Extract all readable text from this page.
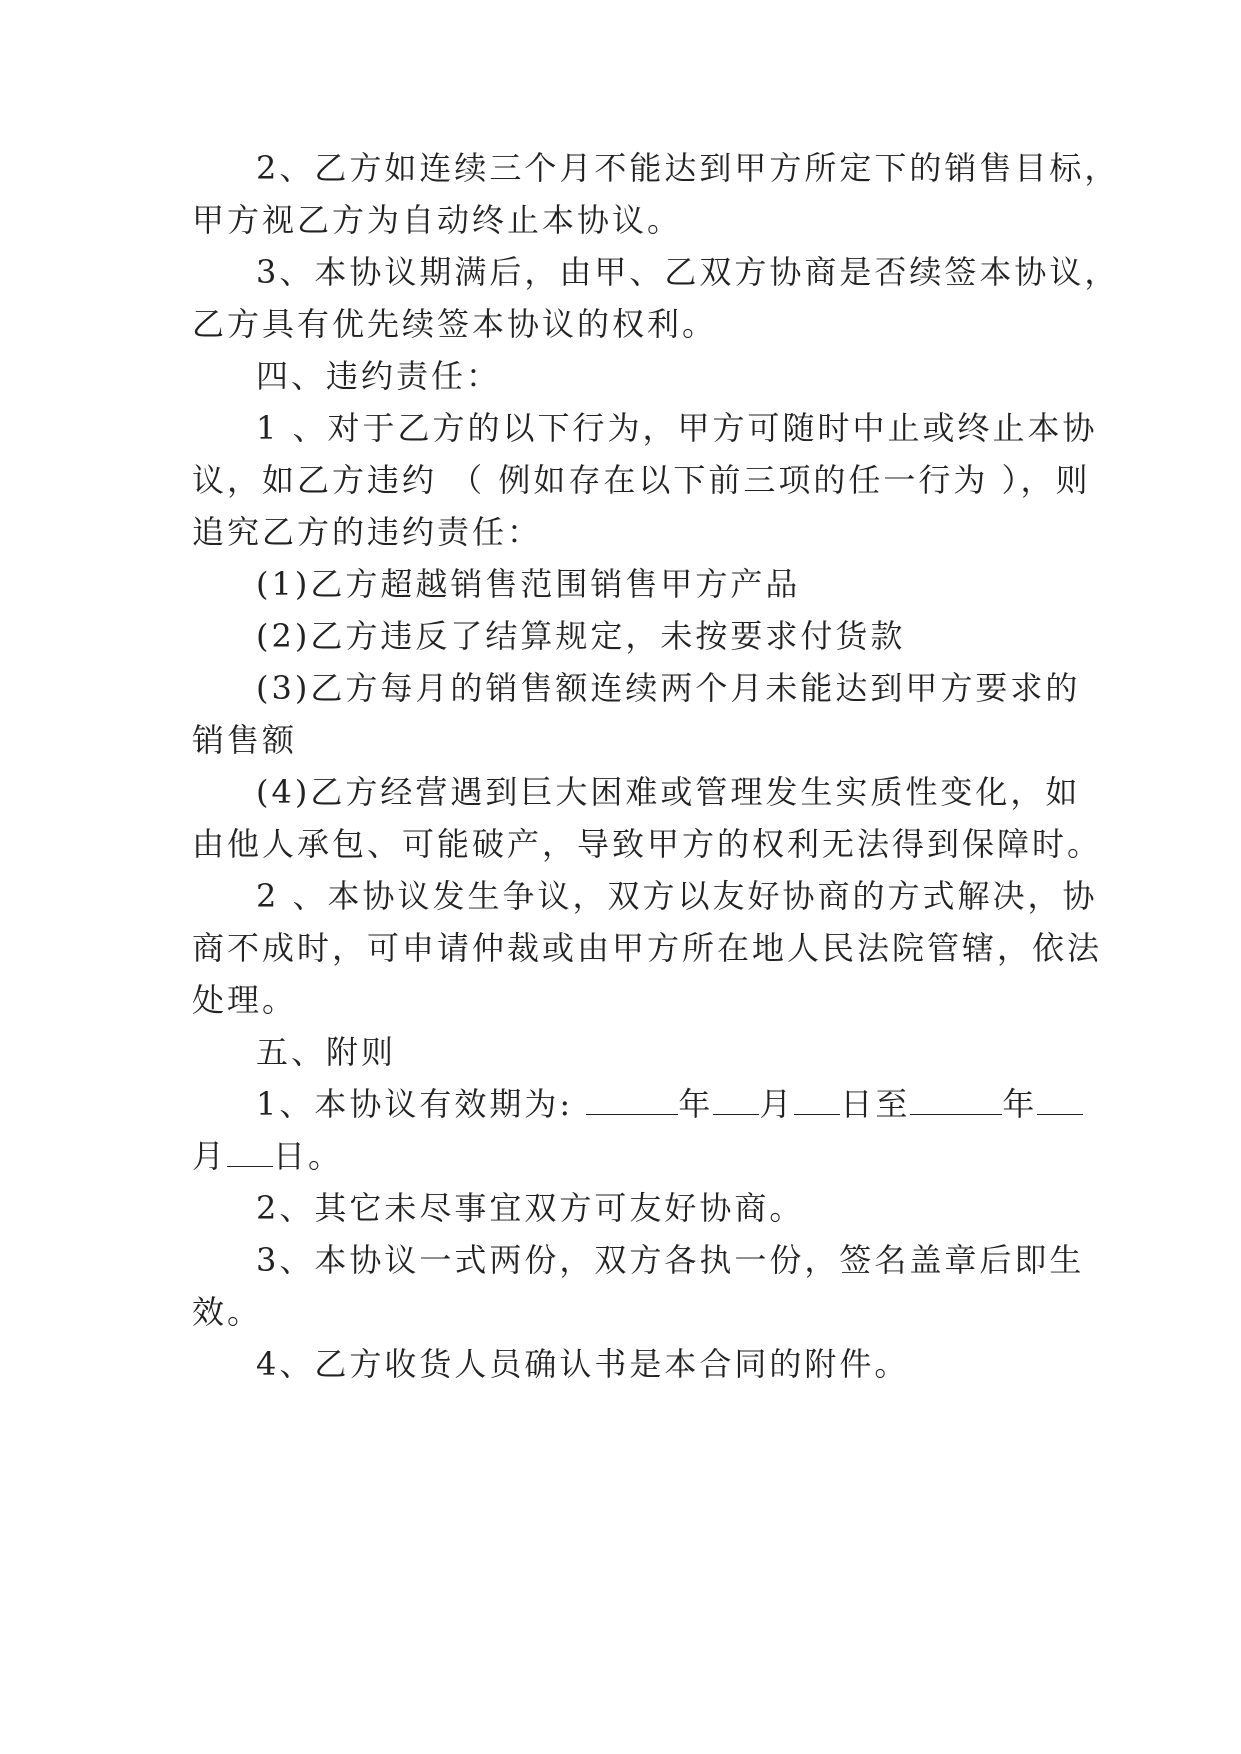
2、乙方如连续三个月不能达到甲方所定下的销售目标，
甲方视乙方为自动终止本协议。
3、本协议期满后，由甲、乙双方协商是否续签本协议，
乙方具有优先续签本协议的权利。
四、违约责任：
1 、对于乙方的以下行为，甲方可随时中止或终止本协
议，如乙方违约 （ 例如存在以下前三项的任一行为 ），则
追究乙方的违约责任：
(1)乙方超越销售范围销售甲方产品
(2)乙方违反了结算规定，未按要求付货款
(3)乙方每月的销售额连续两个月未能达到甲方要求的
销售额
(4)乙方经营遇到巨大困难或管理发生实质性变化，如
由他人承包、可能破产，导致甲方的权利无法得到保障时。
2 、本协议发生争议，双方以友好协商的方式解决，协
商不成时，可申请仲裁或由甲方所在地人民法院管辖，依法
处理。
五、附则
1、本协议有效期为:	年 月 日至	年
月 日。
2、其它未尽事宜双方可友好协商。
3、本协议一式两份，双方各执一份，签名盖章后即生
效。
4、乙方收货人员确认书是本合同的附件。
